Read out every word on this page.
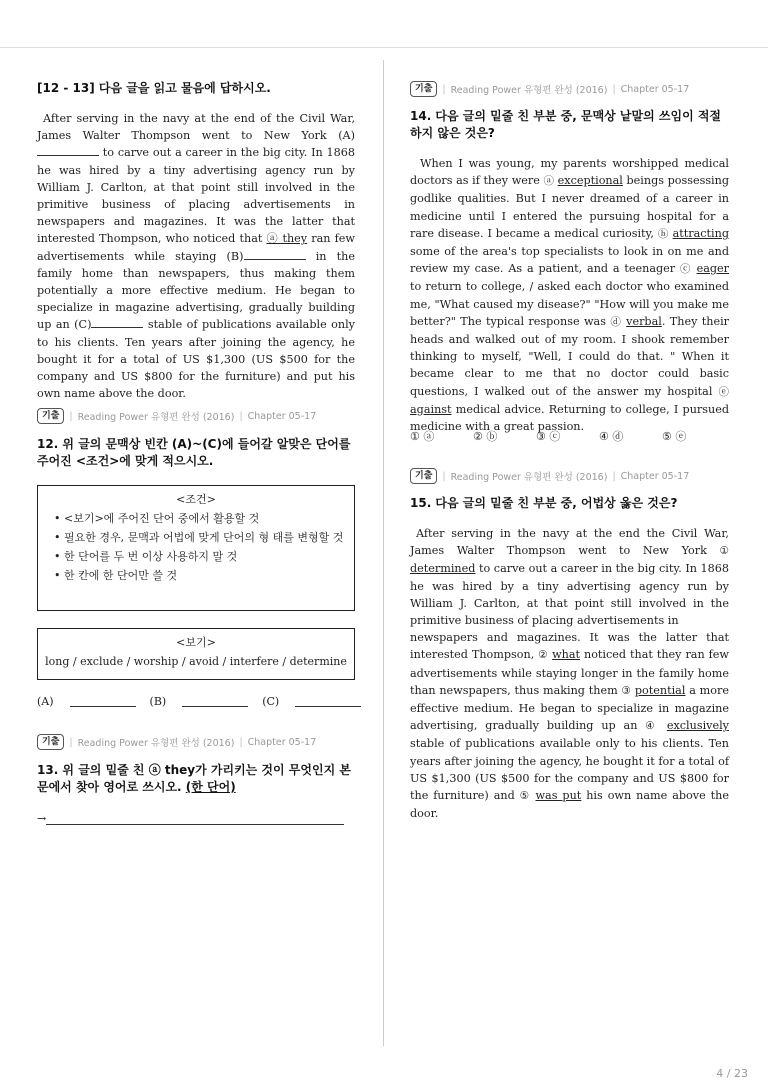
[12 - 13] 다음 글을 읽고 물음에 답하시오.
After serving in the navy at the end of the Civil War, James Walter Thompson went to New York (A) to carve out a career in the big city. In 1868 he was hired by a tiny advertising agency run by William J. Carlton, at that point still involved in the primitive business of placing advertisements in newspapers and magazines. It was the latter that interested Thompson, who noticed that ⓐ they ran few advertisements while staying (B)	in the family home than newspapers, thus making them potentially a more effective medium. He began to specialize in magazine advertising, gradually building up an (C)	stable of publications available only to his clients. Ten years after joining the agency, he bought it for a total of US $1,300 (US $500 for the company and US $800 for the furniture) and put his own name above the door.
기출	| Reading Power 유형편 완성 (2016) | Chapter 05-17
12. 위 글의 문맥상 빈칸 (A)~(C)에 들어갈 알맞은 단어를 주어진 <조건>에 맞게 적으시오.
<조건>
• <보기>에 주어진 단어 중에서 활용할 것
• 필요한 경우, 문맥과 어법에 맞게 단어의 형 태를 변형할 것
• 한 단어를 두 번 이상 사용하지 말 것
• 한 칸에 한 단어만 쓸 것
<보기>
long / exclude / worship / avoid / interfere / determine
(A)	(B)	(C)
기출	| Reading Power 유형편 완성 (2016) | Chapter 05-17
13. 위 글의 밑줄 친 ⓐ they가 가리키는 것이 무엇인지 본문에서 찾아 영어로 쓰시오. (한 단어)
→
기출	| Reading Power 유형편 완성 (2016) | Chapter 05-17
14. 다음 글의 밑줄 친 부분 중, 문맥상 낱말의 쓰임이 적절하지 않은 것은?
When I was young, my parents worshipped medical doctors as if they were ⓐ exceptional beings possessing godlike qualities. But I never dreamed of a career in medicine until I entered the pursuing hospital for a rare disease. I became a medical curiosity, ⓑ attracting some of the area's top specialists to look in on me and review my case. As a patient, and a teenager ⓒ eager to return to college, / asked each doctor who examined me, "What caused my disease?" "How will you make me better?" The typical response was ⓓ verbal. They their heads and walked out of my room. I shook remember thinking to myself, "Well, I could do that. " When it became clear to me that no doctor could basic questions, I walked out of the answer my hospital ⓔ against medical advice. Returning to college, I pursued medicine with a great passion.
① ⓐ	② ⓑ	③ ⓒ	④ ⓓ	⑤ ⓔ
기출	| Reading Power 유형편 완성 (2016) | Chapter 05-17
15. 다음 글의 밑줄 친 부분 중, 어법상 옳은 것은?
After serving in the navy at the end the Civil War, James Walter Thompson went to New York ① determined to carve out a career in the big city. In 1868 he was hired by a tiny advertising agency run by William J. Carlton, at that point still involved in the primitive business of placing advertisements in
newspapers and magazines. It was the latter that interested Thompson, ② what noticed that they ran few advertisements while staying longer in the family home than newspapers, thus making them ③ potential a more effective medium. He began to specialize in magazine advertising, gradually building up an ④ exclusively stable of publications available only to his clients. Ten years after joining the agency, he bought it for a total of US $1,300 (US $500 for the company and US $800 for the furniture) and ⑤ was put his own name above the door.
4 / 23
